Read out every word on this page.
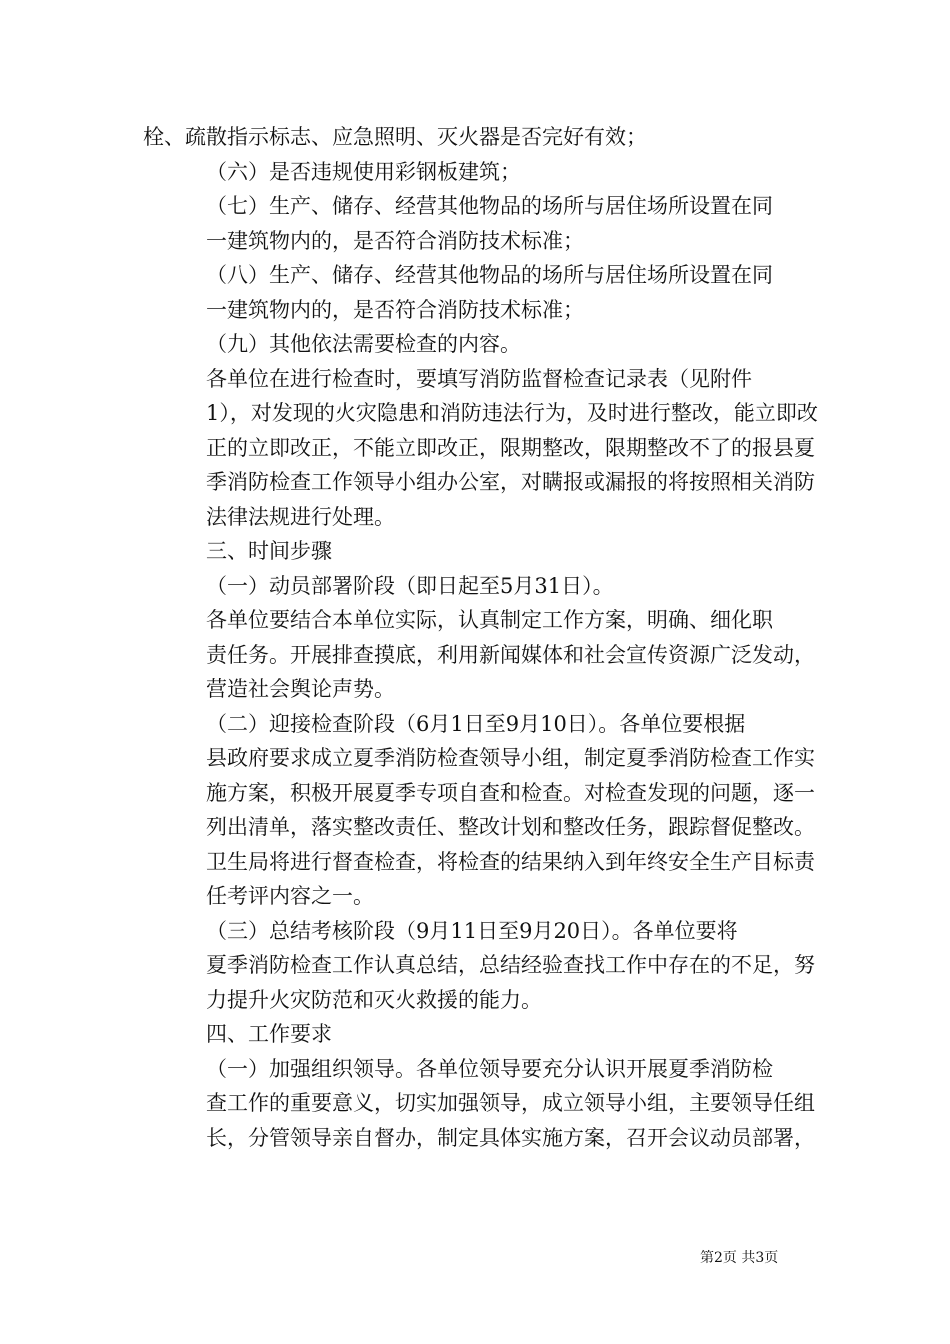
栓、疏散指示标志、应急照明、灭火器是否完好有效；

（六）是否违规使用彩钢板建筑；

（七）生产、储存、经营其他物品的场所与居住场所设置在同
一建筑物内的，是否符合消防技术标准；

（八）生产、储存、经营其他物品的场所与居住场所设置在同
一建筑物内的，是否符合消防技术标准；

（九）其他依法需要检查的内容。

各单位在进行检查时，要填写消防监督检查记录表（见附件
1），对发现的火灾隐患和消防违法行为，及时进行整改，能立即改
正的立即改正，不能立即改正，限期整改，限期整改不了的报县夏
季消防检查工作领导小组办公室，对瞒报或漏报的将按照相关消防
法律法规进行处理。

三、时间步骤

（一）动员部署阶段（即日起至5月31日）。

各单位要结合本单位实际，认真制定工作方案，明确、细化职
责任务。开展排查摸底，利用新闻媒体和社会宣传资源广泛发动，
营造社会舆论声势。

（二）迎接检查阶段（6月1日至9月10日）。各单位要根据
县政府要求成立夏季消防检查领导小组，制定夏季消防检查工作实
施方案，积极开展夏季专项自查和检查。对检查发现的问题，逐一
列出清单，落实整改责任、整改计划和整改任务，跟踪督促整改。
卫生局将进行督查检查，将检查的结果纳入到年终安全生产目标责
任考评内容之一。

（三）总结考核阶段（9月11日至9月20日）。各单位要将
夏季消防检查工作认真总结，总结经验查找工作中存在的不足，努
力提升火灾防范和灭火救援的能力。

四、工作要求

（一）加强组织领导。各单位领导要充分认识开展夏季消防检
查工作的重要意义，切实加强领导，成立领导小组，主要领导任组
长，分管领导亲自督办，制定具体实施方案，召开会议动员部署，

第2页 共3页
